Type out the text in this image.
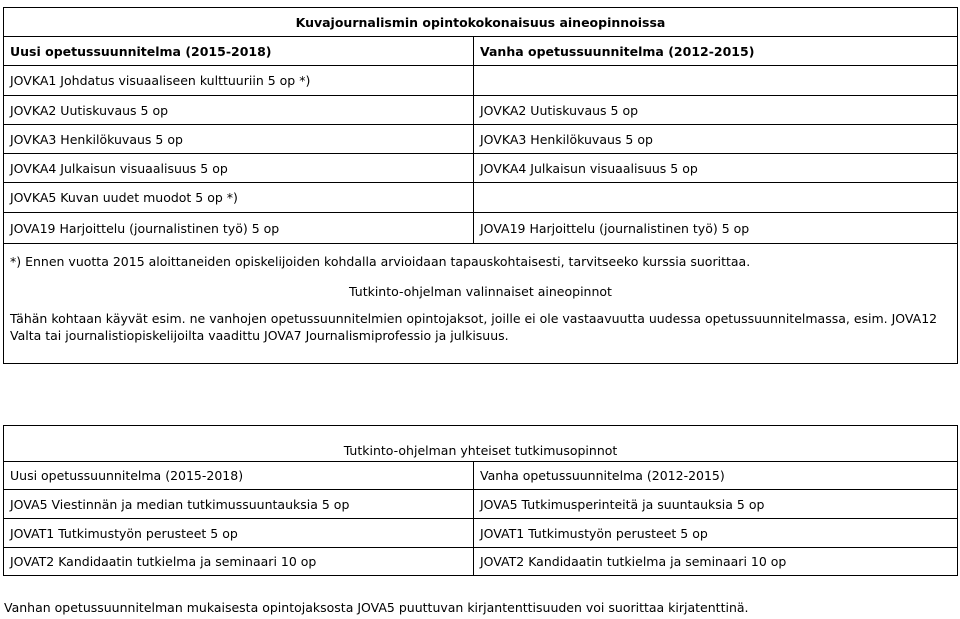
Kuvajournalismin opintokokonaisuus aineopinnoissa	
Uusi opetussuunnitelma (2015-2018)	Vanha opetussuunnitelma (2012-2015)
JOVKA1 Johdatus visuaaliseen kulttuuriin 5 op *)	
JOVKA2 Uutiskuvaus 5 op	JOVKA2 Uutiskuvaus 5 op
JOVKA3 Henkilökuvaus 5 op	JOVKA3 Henkilökuvaus 5 op
JOVKA4 Julkaisun visuaalisuus 5 op	JOVKA4 Julkaisun visuaalisuus 5 op
JOVKA5 Kuvan uudet muodot 5 op *)	
JOVA19 Harjoittelu (journalistinen työ) 5 op	JOVA19 Harjoittelu (journalistinen työ) 5 op
*) Ennen vuotta 2015 aloittaneiden opiskelijoiden kohdalla arvioidaan tapauskohtaisesti, tarvitseeko kurssia suorittaa.	
Tutkinto-ohjelman valinnaiset aineopinnot	
Tähän kohtaan käyvät esim. ne vanhojen opetussuunnitelmien opintojaksot, joille ei ole vastaavuutta uudessa opetussuunnitelmassa, esim. JOVA12 Valta tai journalistiopiskelijoilta vaadittu JOVA7 Journalismiprofessio ja julkisuus.	
Tutkinto-ohjelman yhteiset tutkimusopinnot	
Uusi opetussuunnitelma (2015-2018)	Vanha opetussuunnitelma (2012-2015)
JOVA5 Viestinnän ja median tutkimussuuntauksia 5 op	JOVA5 Tutkimusperinteitä ja suuntauksia 5 op
JOVAT1 Tutkimustyön perusteet 5 op	JOVAT1 Tutkimustyön perusteet 5 op
JOVAT2 Kandidaatin tutkielma ja seminaari 10 op	JOVAT2 Kandidaatin tutkielma ja seminaari 10 op
Vanhan opetussuunnitelman mukaisesta opintojaksosta JOVA5 puuttuvan kirjantenttisuuden voi suorittaa kirjatenttinä.
